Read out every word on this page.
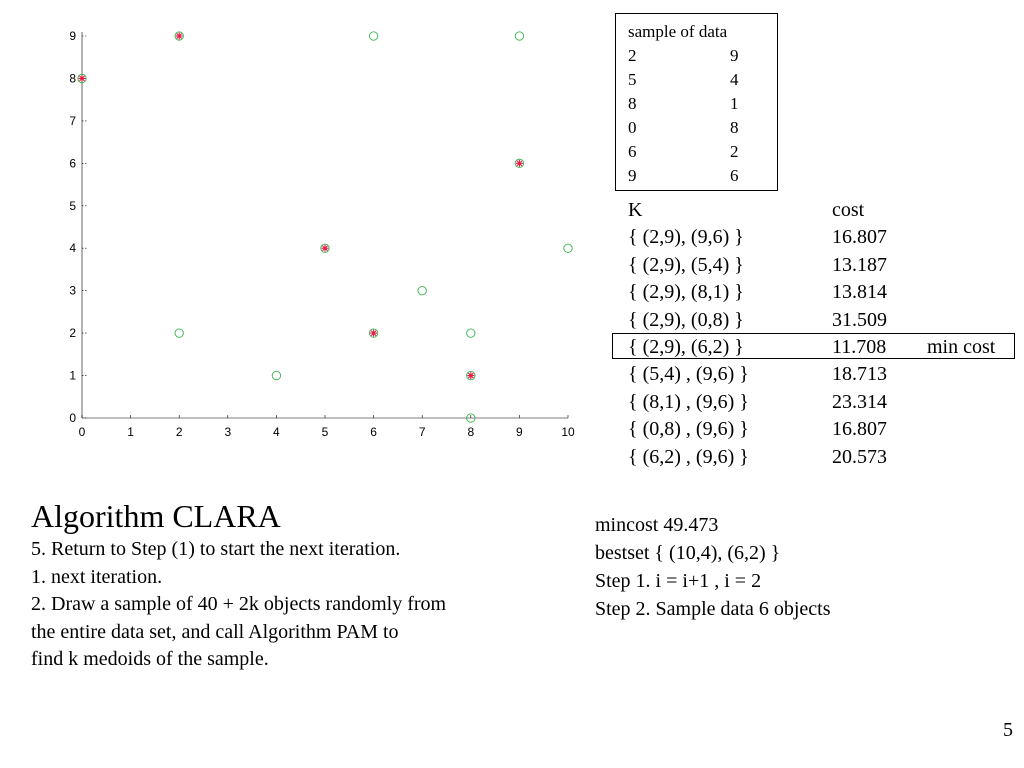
0	1	2	3	4	5	6	7	8	9	10
0
1
2
3
4
5
6
7
8
9	sample of data
2	9
5	4
8	1
0	8
6	2
9	6
K	cost
{ (2,9), (9,6) }	16.807
{ (2,9), (5,4) }	13.187
{ (2,9), (8,1) }	13.814
{ (2,9), (0,8) }	31.509
{ (2,9), (6,2) }	11.708 min cost
{ (5,4) , (9,6) }	18.713
{ (8,1) , (9,6) }	23.314
{ (0,8) , (9,6) }	16.807
{ (6,2) , (9,6) }	20.573
Algorithm CLARA

5. Return to Step (1) to start the next iteration.

1. next iteration.

2. Draw a sample of 40 + 2k objects randomly from

the entire data set, and call Algorithm PAM to

find k medoids of the sample.

mincost 49.473

bestset { (10,4), (6,2) }

Step 1. i = i+1 , i = 2

Step 2. Sample data 6 objects

5
